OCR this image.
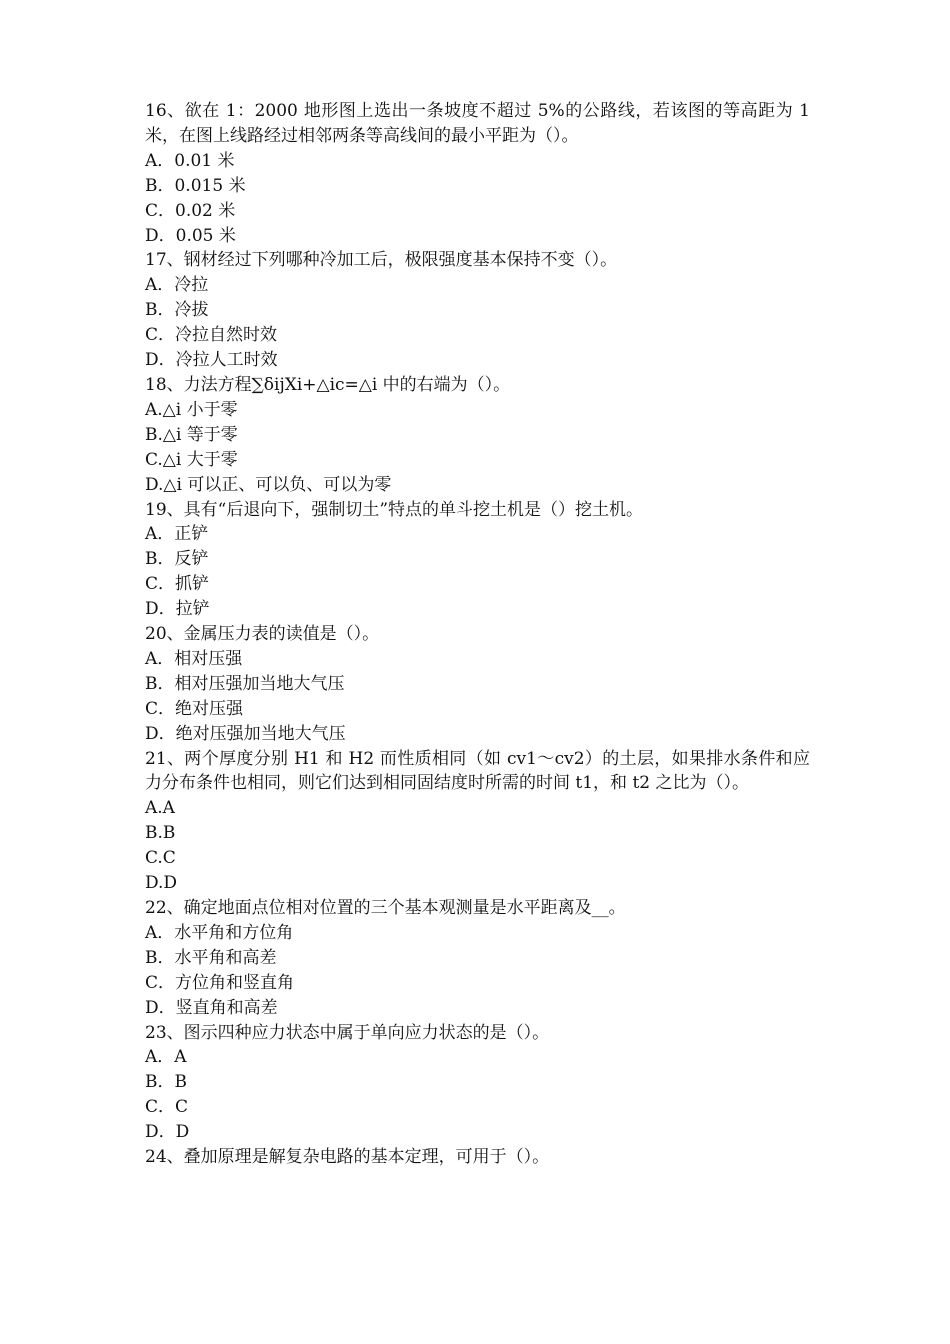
16、欲在 1：2000 地形图上选出一条坡度不超过 5%的公路线，若该图的等高距为 1 米，在图上线路经过相邻两条等高线间的最小平距为（）。
A．0.01 米
B．0.015 米
C．0.02 米
D．0.05 米
17、钢材经过下列哪种冷加工后，极限强度基本保持不变（）。
A．冷拉
B．冷拔
C．冷拉自然时效
D．冷拉人工时效
18、力法方程∑δijXi+△ic=△i 中的右端为（）。
A.△i 小于零
B.△i 等于零
C.△i 大于零
D.△i 可以正、可以负、可以为零
19、具有“后退向下，强制切土”特点的单斗挖土机是（）挖土机。
A．正铲
B．反铲
C．抓铲
D．拉铲
20、金属压力表的读值是（）。
A．相对压强
B．相对压强加当地大气压
C．绝对压强
D．绝对压强加当地大气压
21、两个厚度分别 H1 和 H2 而性质相同（如 cv1～cv2）的土层，如果排水条件和应力分布条件也相同，则它们达到相同固结度时所需的时间 t1，和 t2 之比为（）。
A.A
B.B
C.C
D.D
22、确定地面点位相对位置的三个基本观测量是水平距离及__。
A．水平角和方位角
B．水平角和高差
C．方位角和竖直角
D．竖直角和高差
23、图示四种应力状态中属于单向应力状态的是（）。
A．A
B．B
C．C
D．D
24、叠加原理是解复杂电路的基本定理，可用于（）。
